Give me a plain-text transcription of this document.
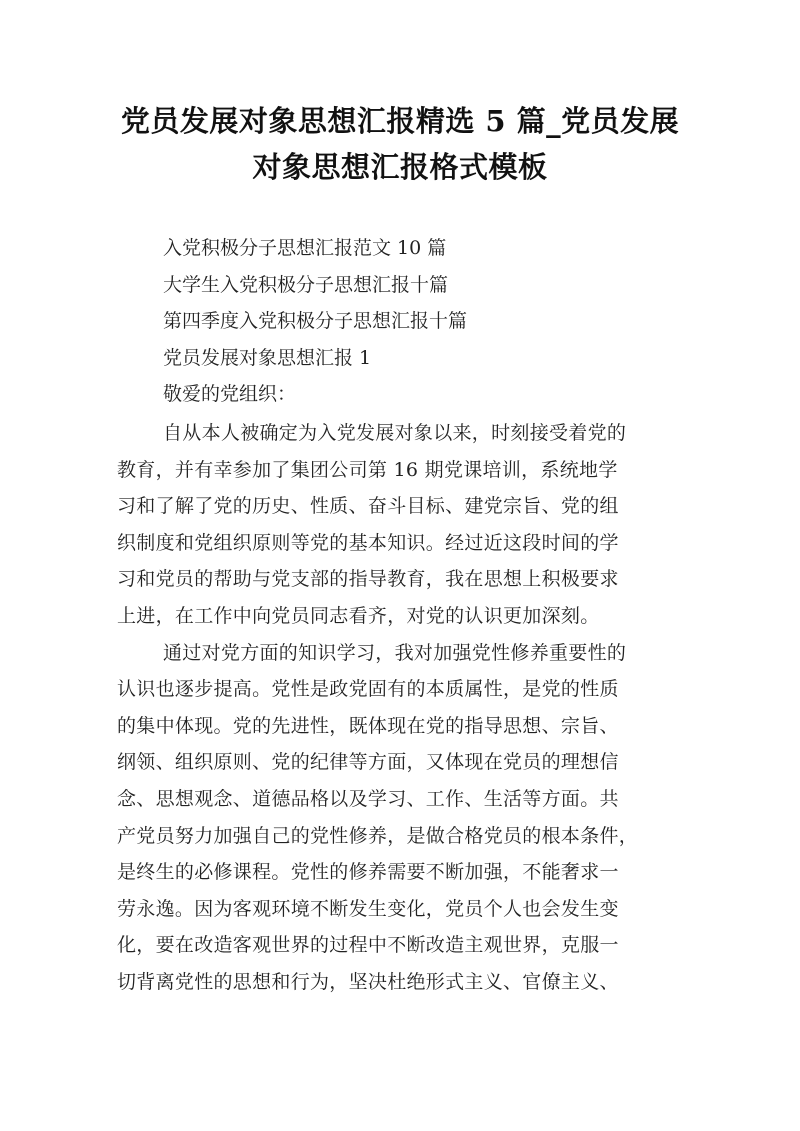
党员发展对象思想汇报精选 5 篇_党员发展
对象思想汇报格式模板
入党积极分子思想汇报范文 10 篇
大学生入党积极分子思想汇报十篇
第四季度入党积极分子思想汇报十篇
党员发展对象思想汇报 1
敬爱的党组织：
自从本人被确定为入党发展对象以来，时刻接受着党的
教育，并有幸参加了集团公司第 16 期党课培训，系统地学
习和了解了党的历史、性质、奋斗目标、建党宗旨、党的组
织制度和党组织原则等党的基本知识。经过近这段时间的学
习和党员的帮助与党支部的指导教育，我在思想上积极要求
上进，在工作中向党员同志看齐，对党的认识更加深刻。
通过对党方面的知识学习，我对加强党性修养重要性的
认识也逐步提高。党性是政党固有的本质属性，是党的性质
的集中体现。党的先进性，既体现在党的指导思想、宗旨、
纲领、组织原则、党的纪律等方面，又体现在党员的理想信
念、思想观念、道德品格以及学习、工作、生活等方面。共
产党员努力加强自己的党性修养，是做合格党员的根本条件，
是终生的必修课程。党性的修养需要不断加强，不能奢求一
劳永逸。因为客观环境不断发生变化，党员个人也会发生变
化，要在改造客观世界的过程中不断改造主观世界，克服一
切背离党性的思想和行为，坚决杜绝形式主义、官僚主义、
